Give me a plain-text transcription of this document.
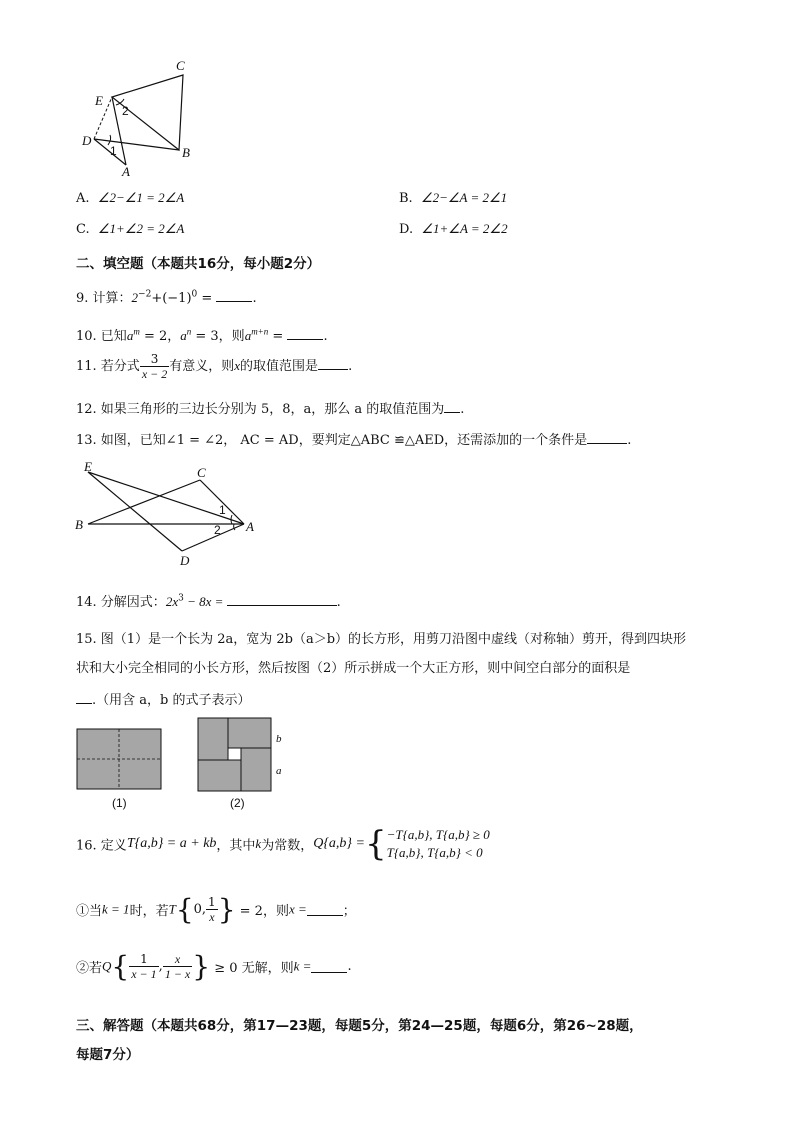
C
E
2
D
1	B
A
A. ∠2−∠1 = 2∠A	B. ∠2−∠A = 2∠1
C. ∠1+∠2 = 2∠A	D. ∠1+∠A = 2∠2
二、填空题（本题共16分，每小题2分）
9. 计算：$2^{-2}+(-1)^0$ =	.
10. 已知$a^m = 2$，$a^n = 3$，则$a^{m+n}$ =	.
11. 若分式 $\frac{3}{x - 2}$ 有意义，则x的取值范围是 .
12. 如果三角形的三边长分别为 5，8，a，那么 a 的取值范围为 .
13. 如图，已知∠1 = ∠2， AC = AD，要判定△ABC ≌△AED，还需添加的一个条件是	.
E	C
B
1
2 A
D
14. 分解因式：$2x^3 - 8x$ =	.
15. 图（1）是一个长为 2a，宽为 2b（a＞b）的长方形，用剪刀沿图中虚线（对称轴）剪开，得到四块形
状和大小完全相同的小长方形，然后按图（2）所示拼成一个大正方形，则中间空白部分的面积是
.（用含 a，b 的式子表示）
(1)	(2)
b
a
16. 定义T{a,b} = a + kb，其中k为常数，Q{a,b} ={ −T{a,b}, T{a,b} ≥ 0
T{a,b}, T{a,b} < 0
①当k = 1时，若T{0, $\frac{1}{x}$ } = 2，则x =	；
②若$Q\{ \frac{1}{x - 1}$ , $\frac{x}{1 - x}$ } ≥ 0 无解，则k =	.
三、解答题（本题共68分，第17—23题，每题5分，第24—25题，每题6分，第26~28题，
每题7分）
